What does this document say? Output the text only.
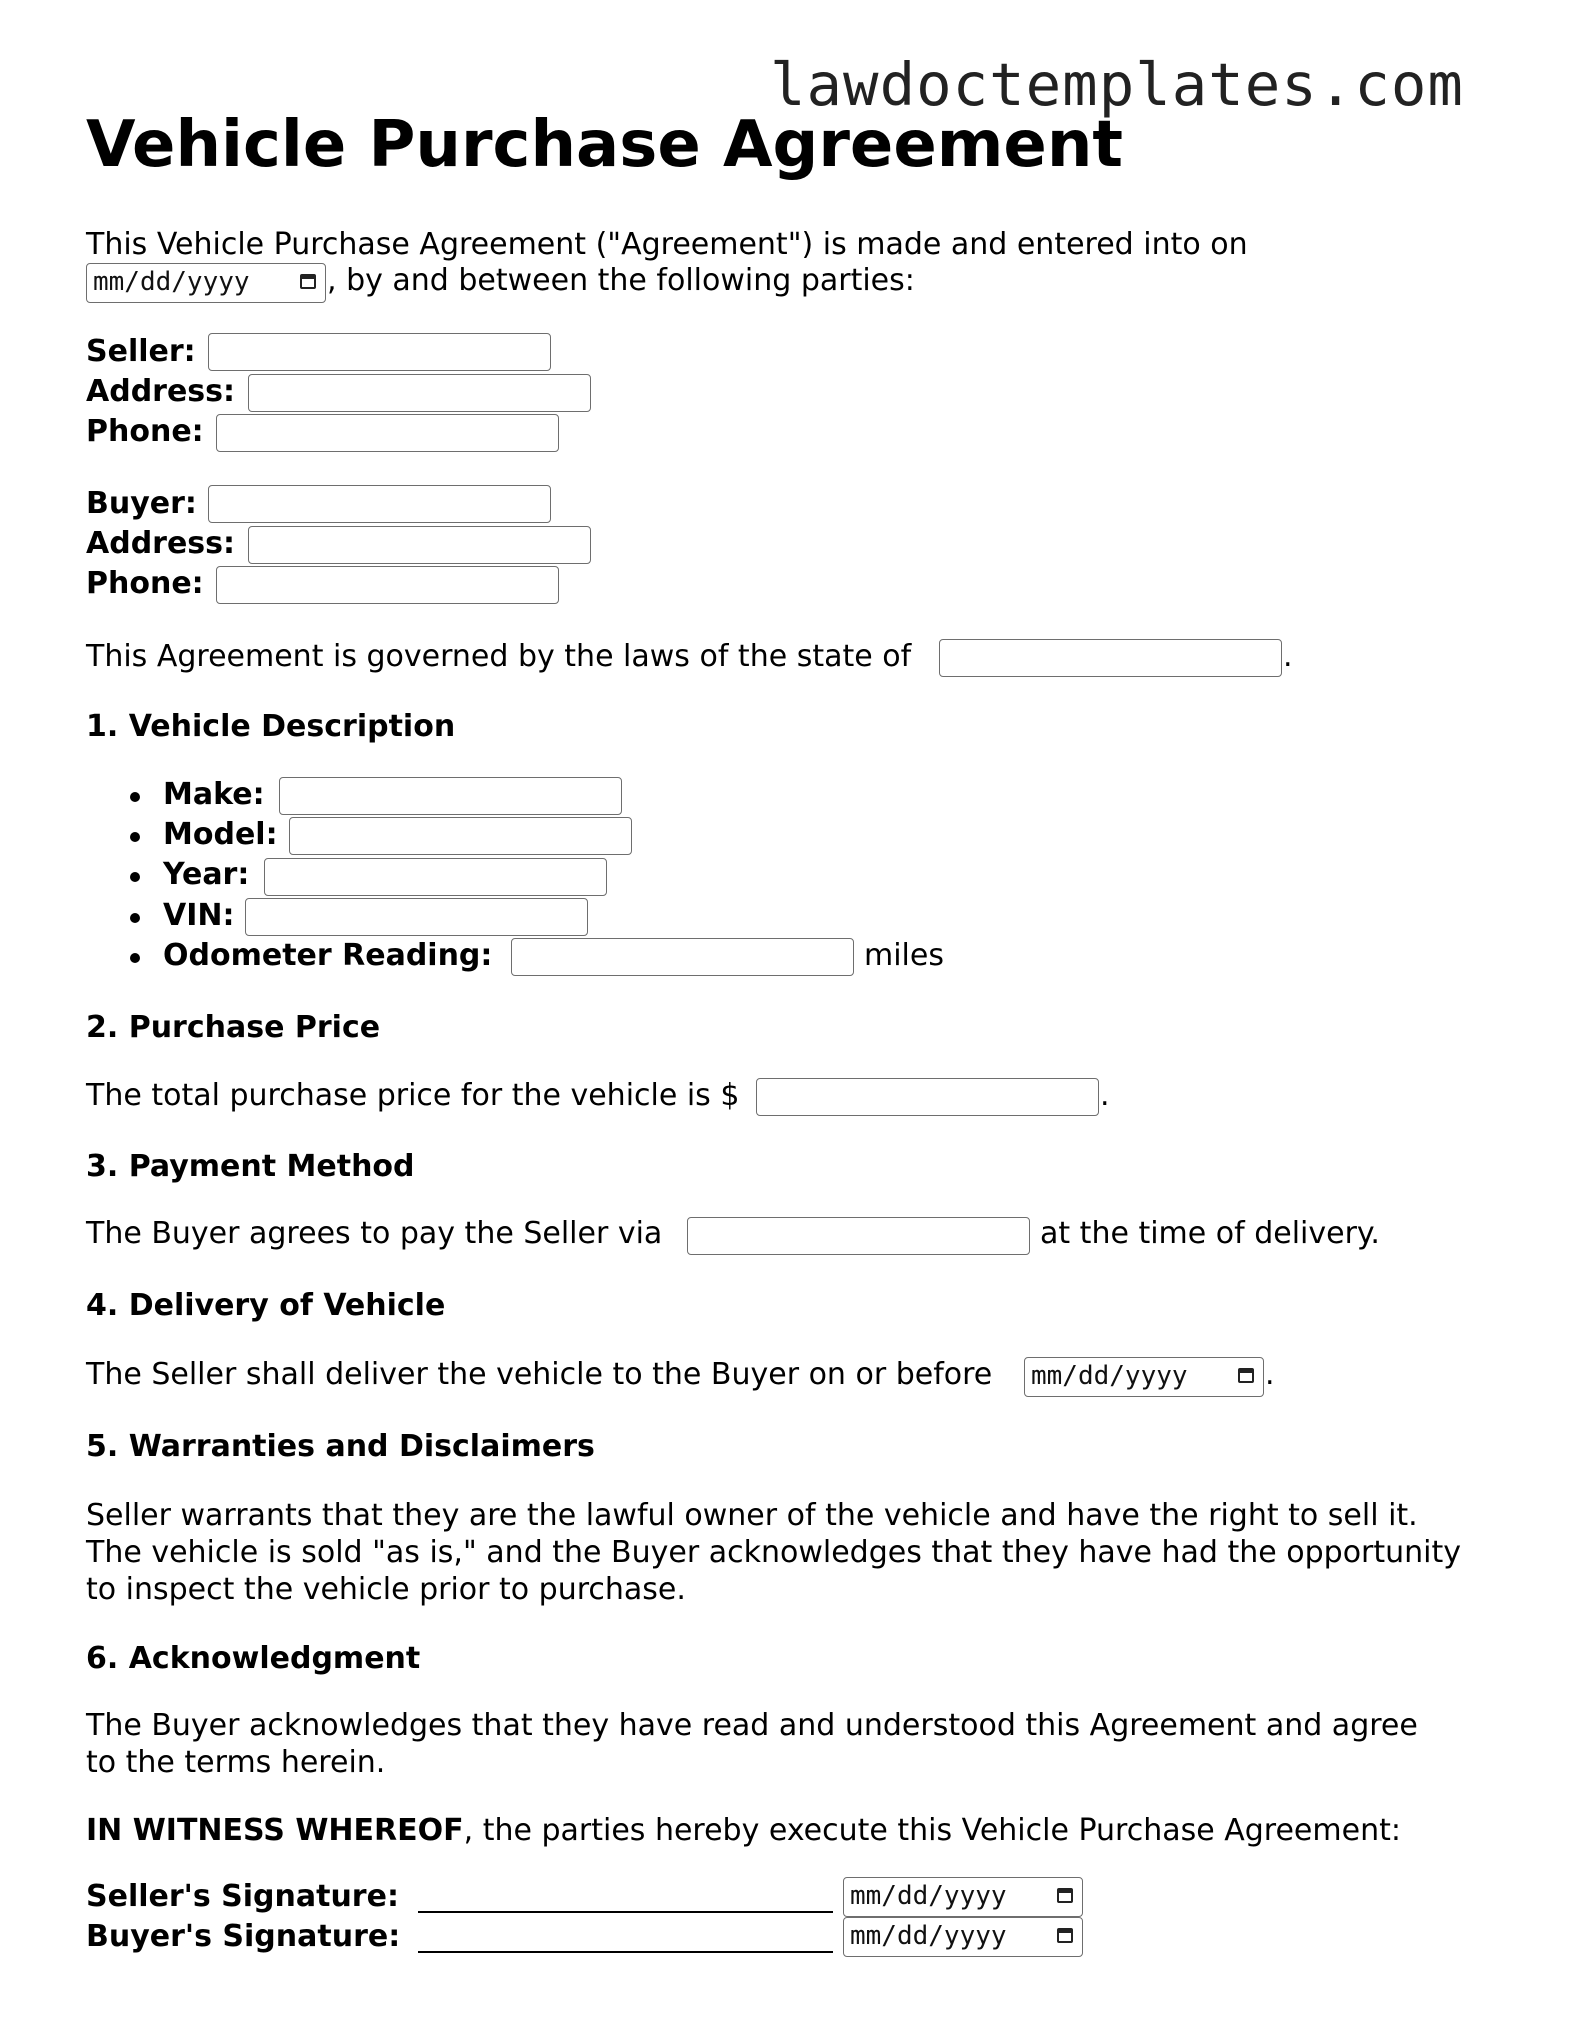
lawdoctemplates.com
Vehicle Purchase Agreement
This Vehicle Purchase Agreement ("Agreement") is made and entered into on
mm/dd/yyyy	, by and between the following parties:
Seller:
Address:
Phone:
Buyer:
Address:
Phone:
This Agreement is governed by the laws of the state of	.
1. Vehicle Description
Make:
Model:
Year:
VIN:
Odometer Reading:	miles
2. Purchase Price
The total purchase price for the vehicle is $	.
3. Payment Method
The Buyer agrees to pay the Seller via	at the time of delivery.
4. Delivery of Vehicle
The Seller shall deliver the vehicle to the Buyer on or before mm/dd/yyyy	.
5. Warranties and Disclaimers
Seller warrants that they are the lawful owner of the vehicle and have the right to sell it.
The vehicle is sold "as is," and the Buyer acknowledges that they have had the opportunity
to inspect the vehicle prior to purchase.
6. Acknowledgment
The Buyer acknowledges that they have read and understood this Agreement and agree
to the terms herein.
IN WITNESS WHEREOF, the parties hereby execute this Vehicle Purchase Agreement:
Seller's Signature:	mm/dd/yyyy
Buyer's Signature:	mm/dd/yyyy
